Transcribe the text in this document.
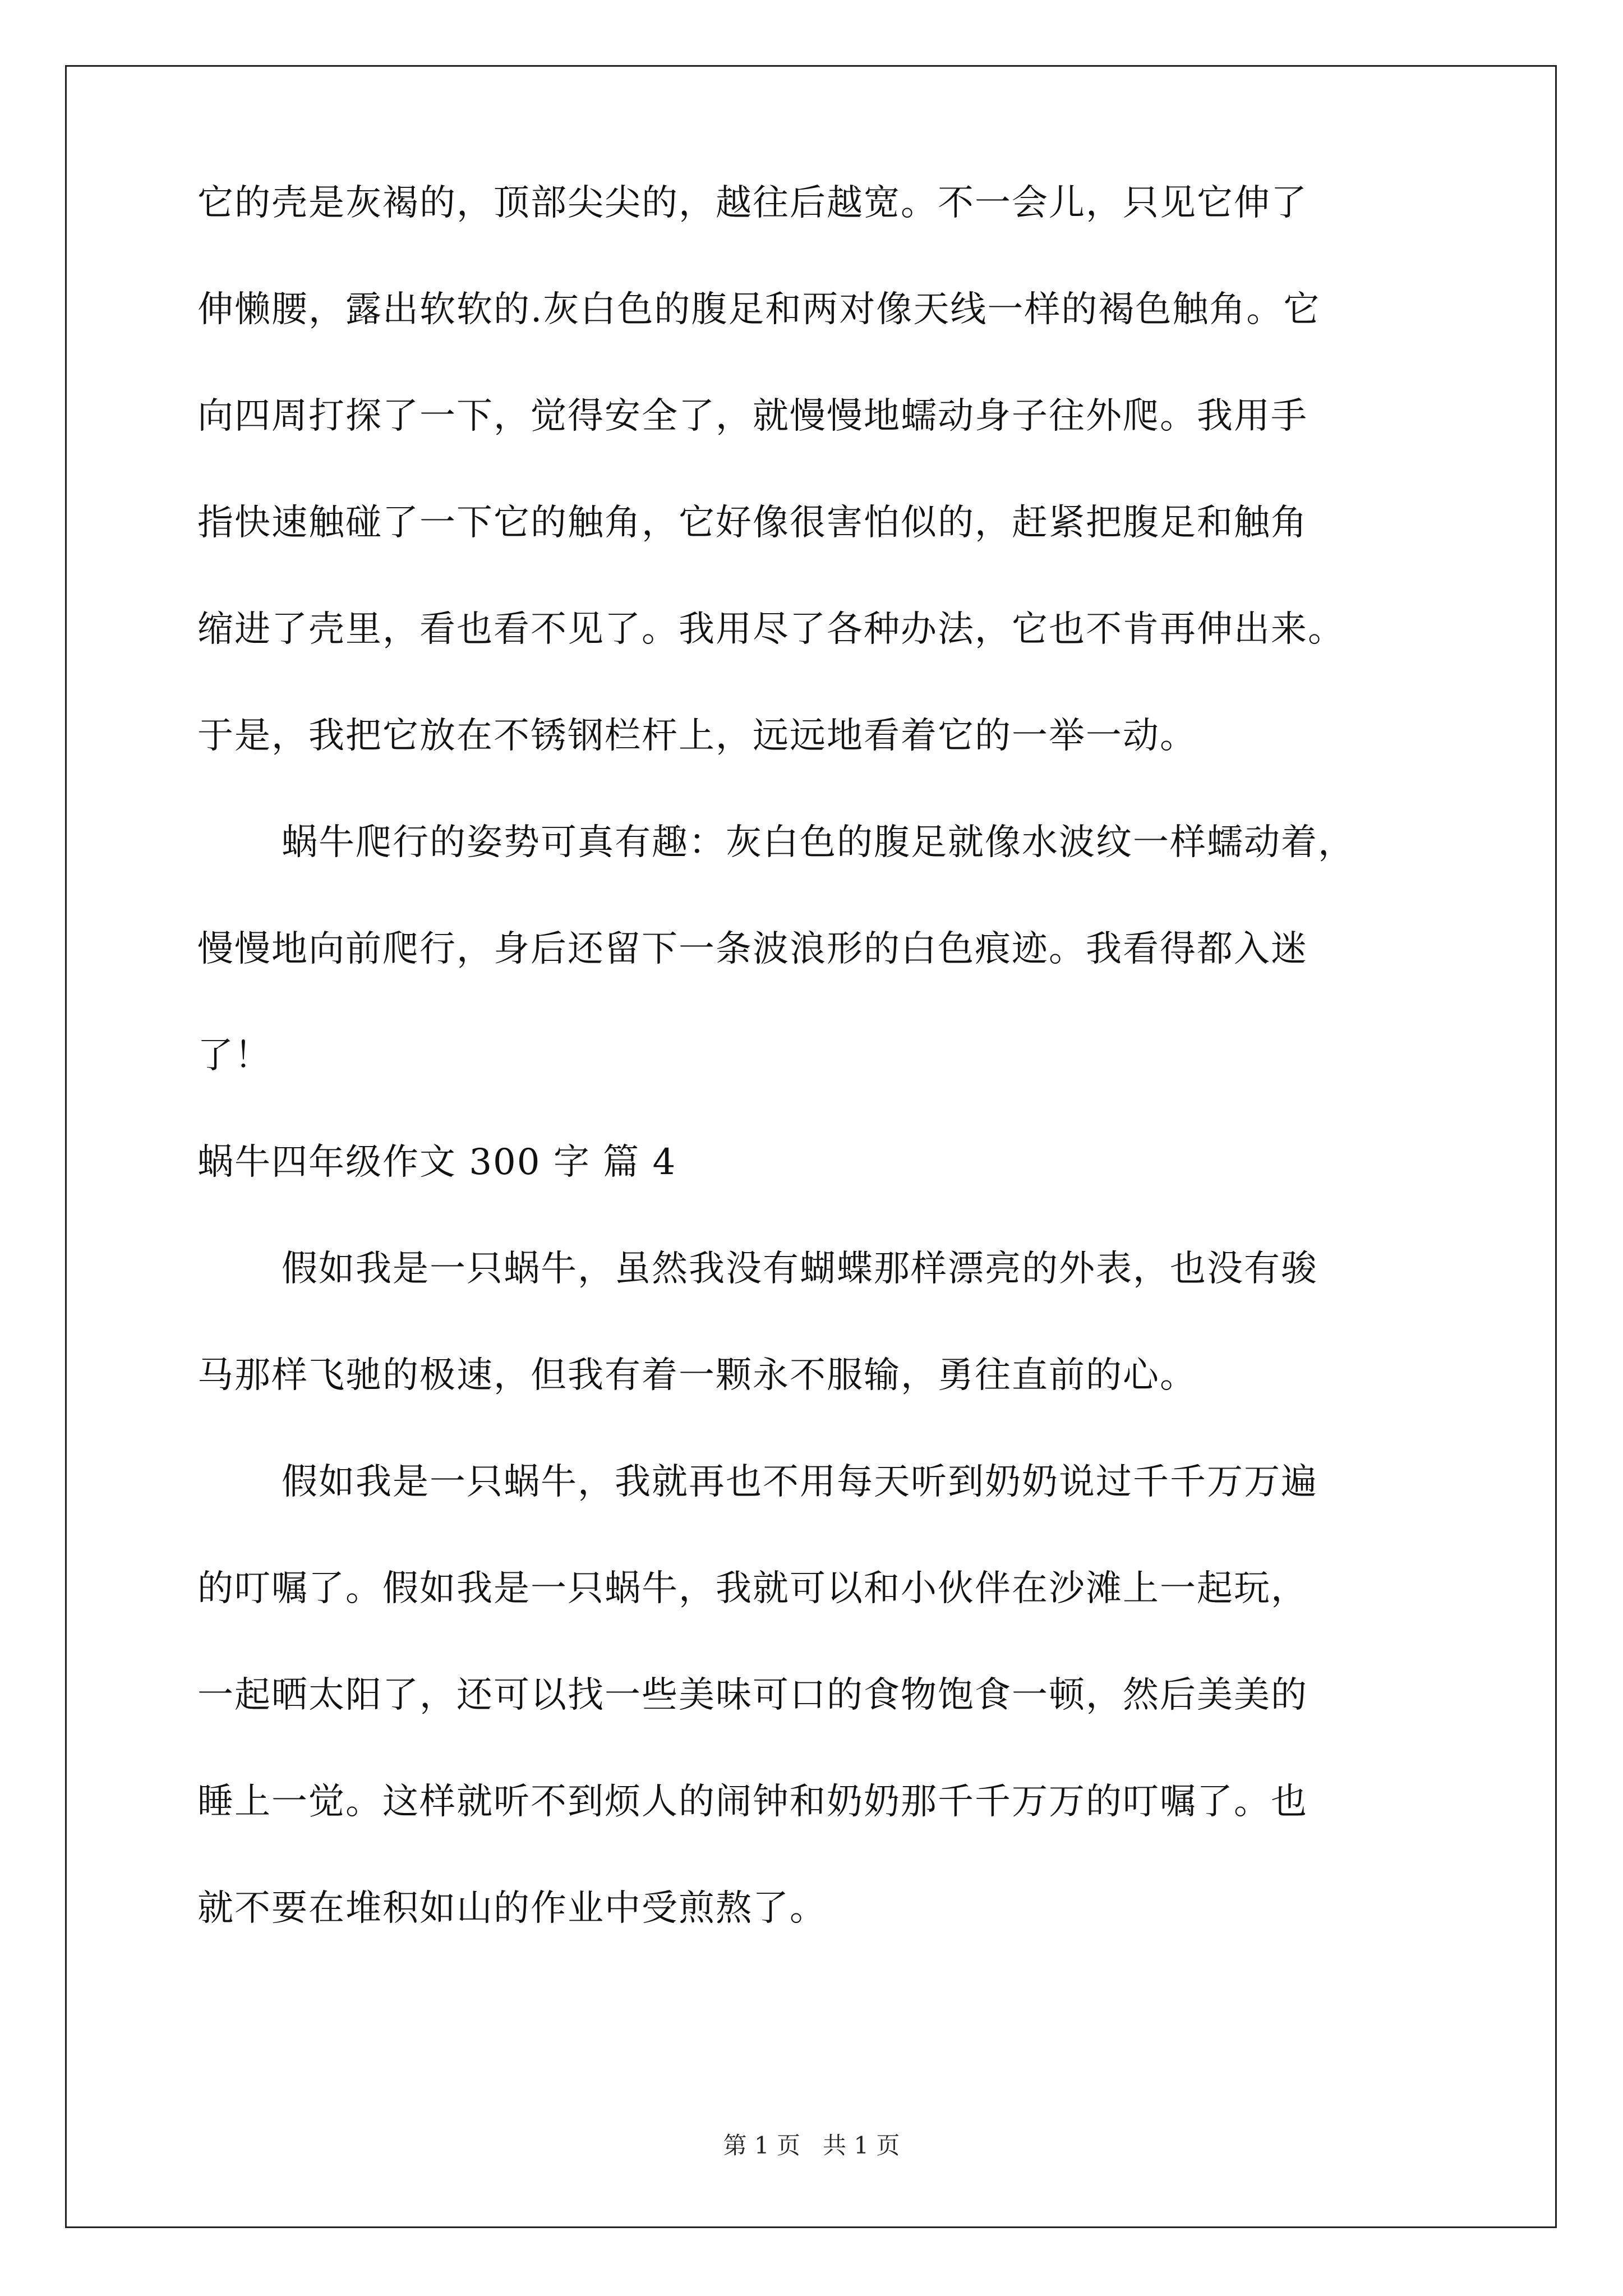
它的壳是灰褐的，顶部尖尖的，越往后越宽。不一会儿，只见它伸了
伸懒腰，露出软软的.灰白色的腹足和两对像天线一样的褐色触角。它
向四周打探了一下，觉得安全了，就慢慢地蠕动身子往外爬。我用手
指快速触碰了一下它的触角，它好像很害怕似的，赶紧把腹足和触角
缩进了壳里，看也看不见了。我用尽了各种办法，它也不肯再伸出来。
于是，我把它放在不锈钢栏杆上，远远地看着它的一举一动。
蜗牛爬行的姿势可真有趣：灰白色的腹足就像水波纹一样蠕动着，
慢慢地向前爬行，身后还留下一条波浪形的白色痕迹。我看得都入迷
了！
蜗牛四年级作文 300 字 篇 4
假如我是一只蜗牛，虽然我没有蝴蝶那样漂亮的外表，也没有骏
马那样飞驰的极速，但我有着一颗永不服输，勇往直前的心。
假如我是一只蜗牛，我就再也不用每天听到奶奶说过千千万万遍
的叮嘱了。假如我是一只蜗牛，我就可以和小伙伴在沙滩上一起玩，
一起晒太阳了，还可以找一些美味可口的食物饱食一顿，然后美美的
睡上一觉。这样就听不到烦人的闹钟和奶奶那千千万万的叮嘱了。也
就不要在堆积如山的作业中受煎熬了。
第 1 页 共 1 页
